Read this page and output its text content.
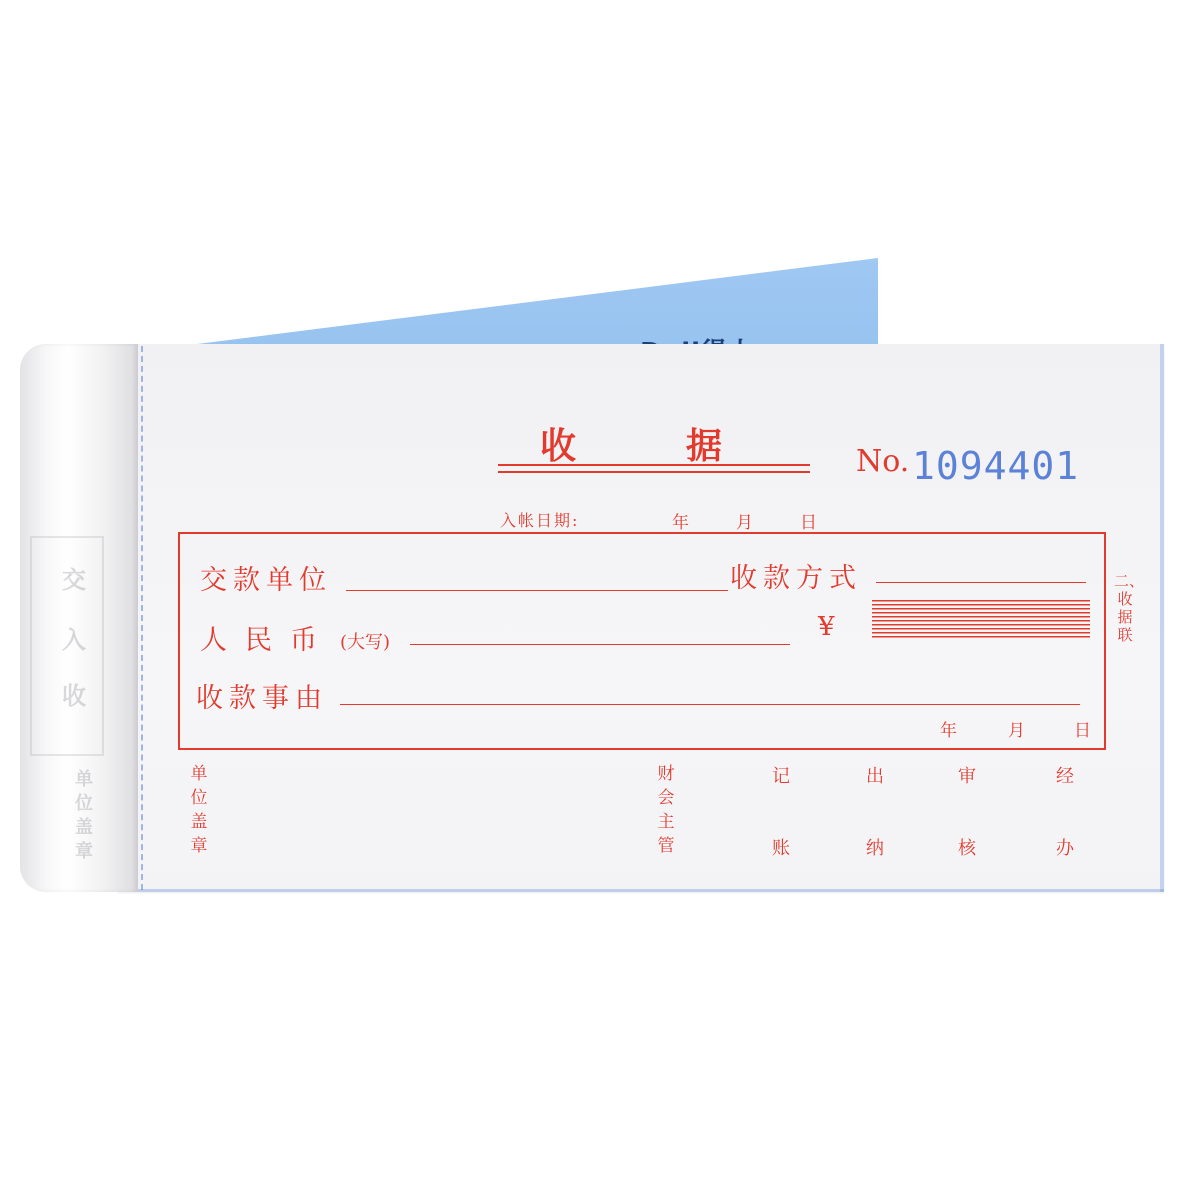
交
入
收
单位盖章
收据 No. 1094401
入帐日期:	年	月	日
交款单位	收款方式
人民币 (大写)
¥
收款事由
年	月	日
二、收据联
单位盖章
财会主管
记
账
出
纳
审
核
经
办
